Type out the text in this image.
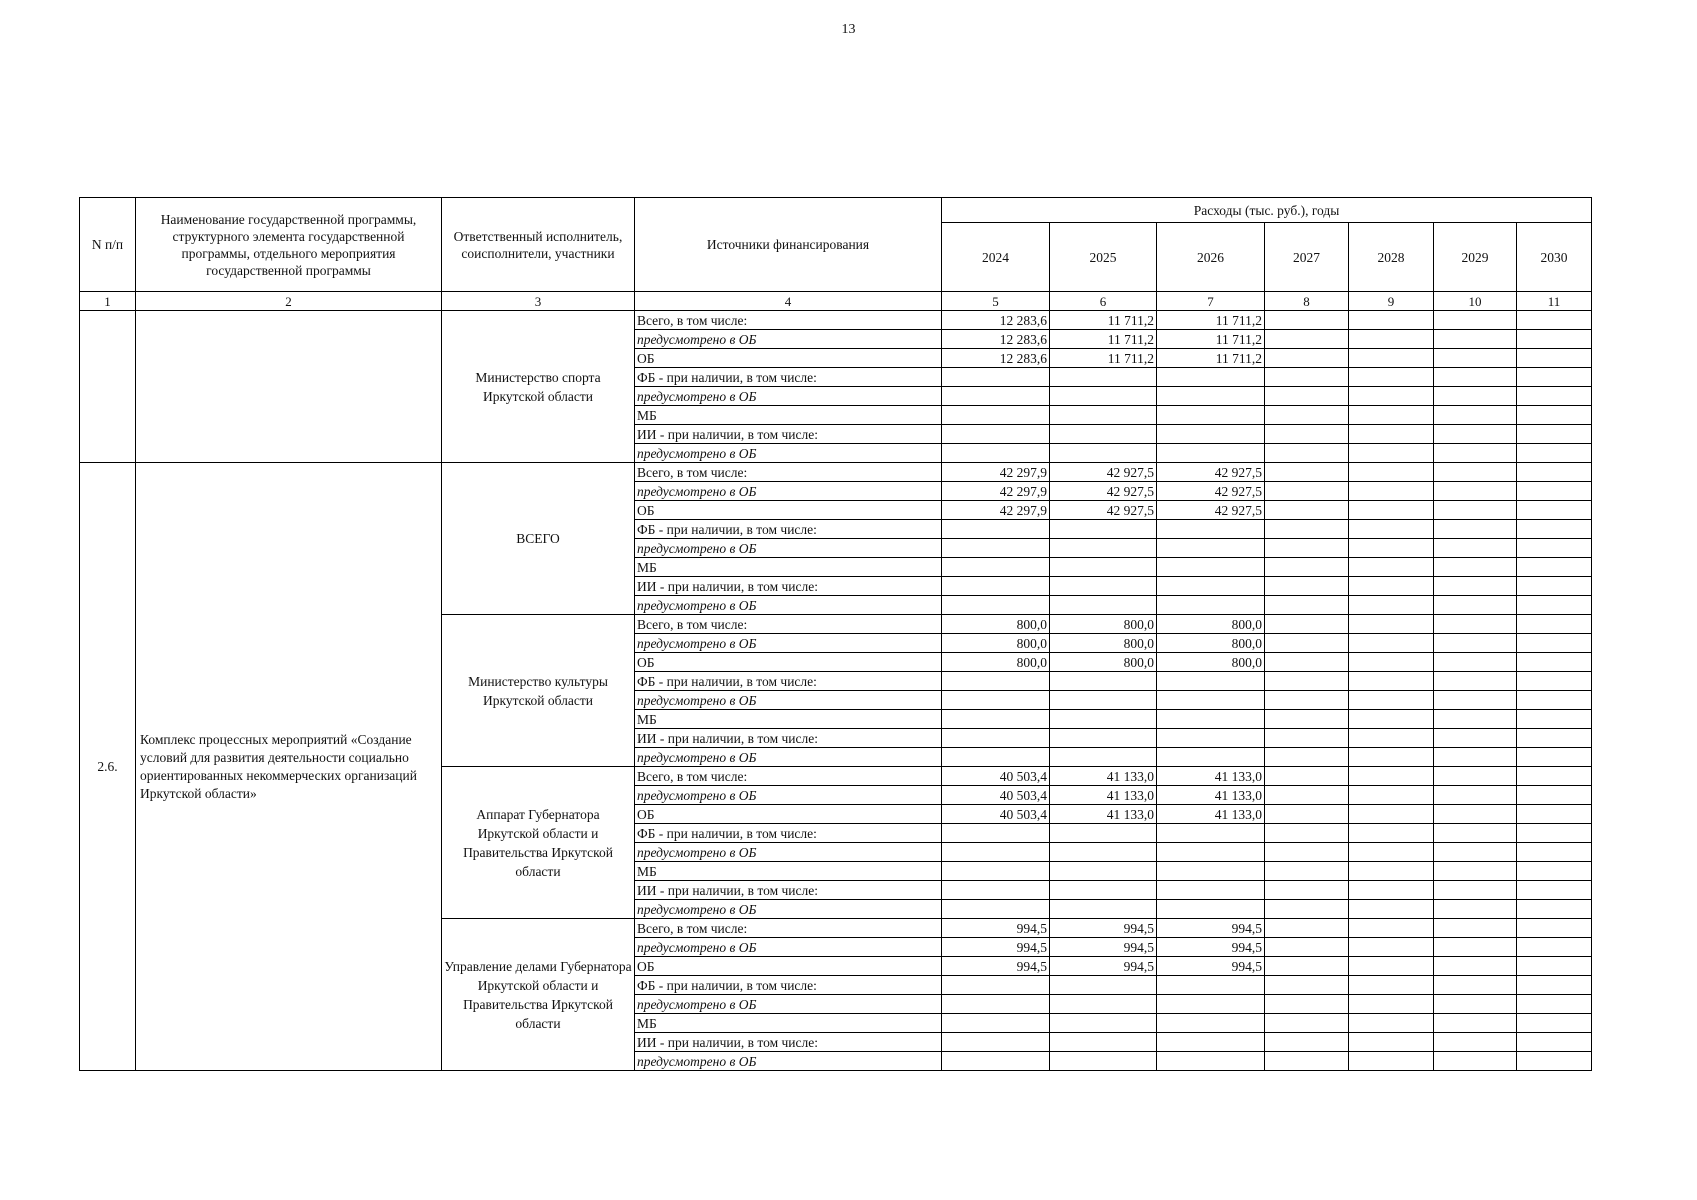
13
N п/п	Наименование государственной программы, структурного элемента государственной программы, отдельного мероприятия государственной программы	Ответственный исполнитель, соисполнители, участники	Источники финансирования	Расходы (тыс. руб.), годы						
				2024	2025	2026	2027	2028	2029	2030
1	2	3	4	5	6	7	8	9	10	11
		Министерство спорта Иркутской области	Всего, в том числе:	12 283,6	11 711,2	11 711,2				
			предусмотрено в ОБ	12 283,6	11 711,2	11 711,2				
			ОБ	12 283,6	11 711,2	11 711,2				
			ФБ - при наличии, в том числе:							
			предусмотрено в ОБ							
			МБ							
			ИИ - при наличии, в том числе:							
			предусмотрено в ОБ							
2.6.	Комплекс процессных мероприятий «Создание условий для развития деятельности социально ориентированных некоммерческих организаций Иркутской области»	ВСЕГО	Всего, в том числе:	42 297,9	42 927,5	42 927,5				
			предусмотрено в ОБ	42 297,9	42 927,5	42 927,5				
			ОБ	42 297,9	42 927,5	42 927,5				
			ФБ - при наличии, в том числе:							
			предусмотрено в ОБ							
			МБ							
			ИИ - при наличии, в том числе:							
			предусмотрено в ОБ							
		Министерство культуры Иркутской области	Всего, в том числе:	800,0	800,0	800,0				
			предусмотрено в ОБ	800,0	800,0	800,0				
			ОБ	800,0	800,0	800,0				
			ФБ - при наличии, в том числе:							
			предусмотрено в ОБ							
			МБ							
			ИИ - при наличии, в том числе:							
			предусмотрено в ОБ							
		Аппарат Губернатора Иркутской области и Правительства Иркутской области	Всего, в том числе:	40 503,4	41 133,0	41 133,0				
			предусмотрено в ОБ	40 503,4	41 133,0	41 133,0				
			ОБ	40 503,4	41 133,0	41 133,0				
			ФБ - при наличии, в том числе:							
			предусмотрено в ОБ							
			МБ							
			ИИ - при наличии, в том числе:							
			предусмотрено в ОБ							
		Управление делами Губернатора Иркутской области и Правительства Иркутской области	Всего, в том числе:	994,5	994,5	994,5				
			предусмотрено в ОБ	994,5	994,5	994,5				
			ОБ	994,5	994,5	994,5				
			ФБ - при наличии, в том числе:							
			предусмотрено в ОБ							
			МБ							
			ИИ - при наличии, в том числе:							
			предусмотрено в ОБ							
